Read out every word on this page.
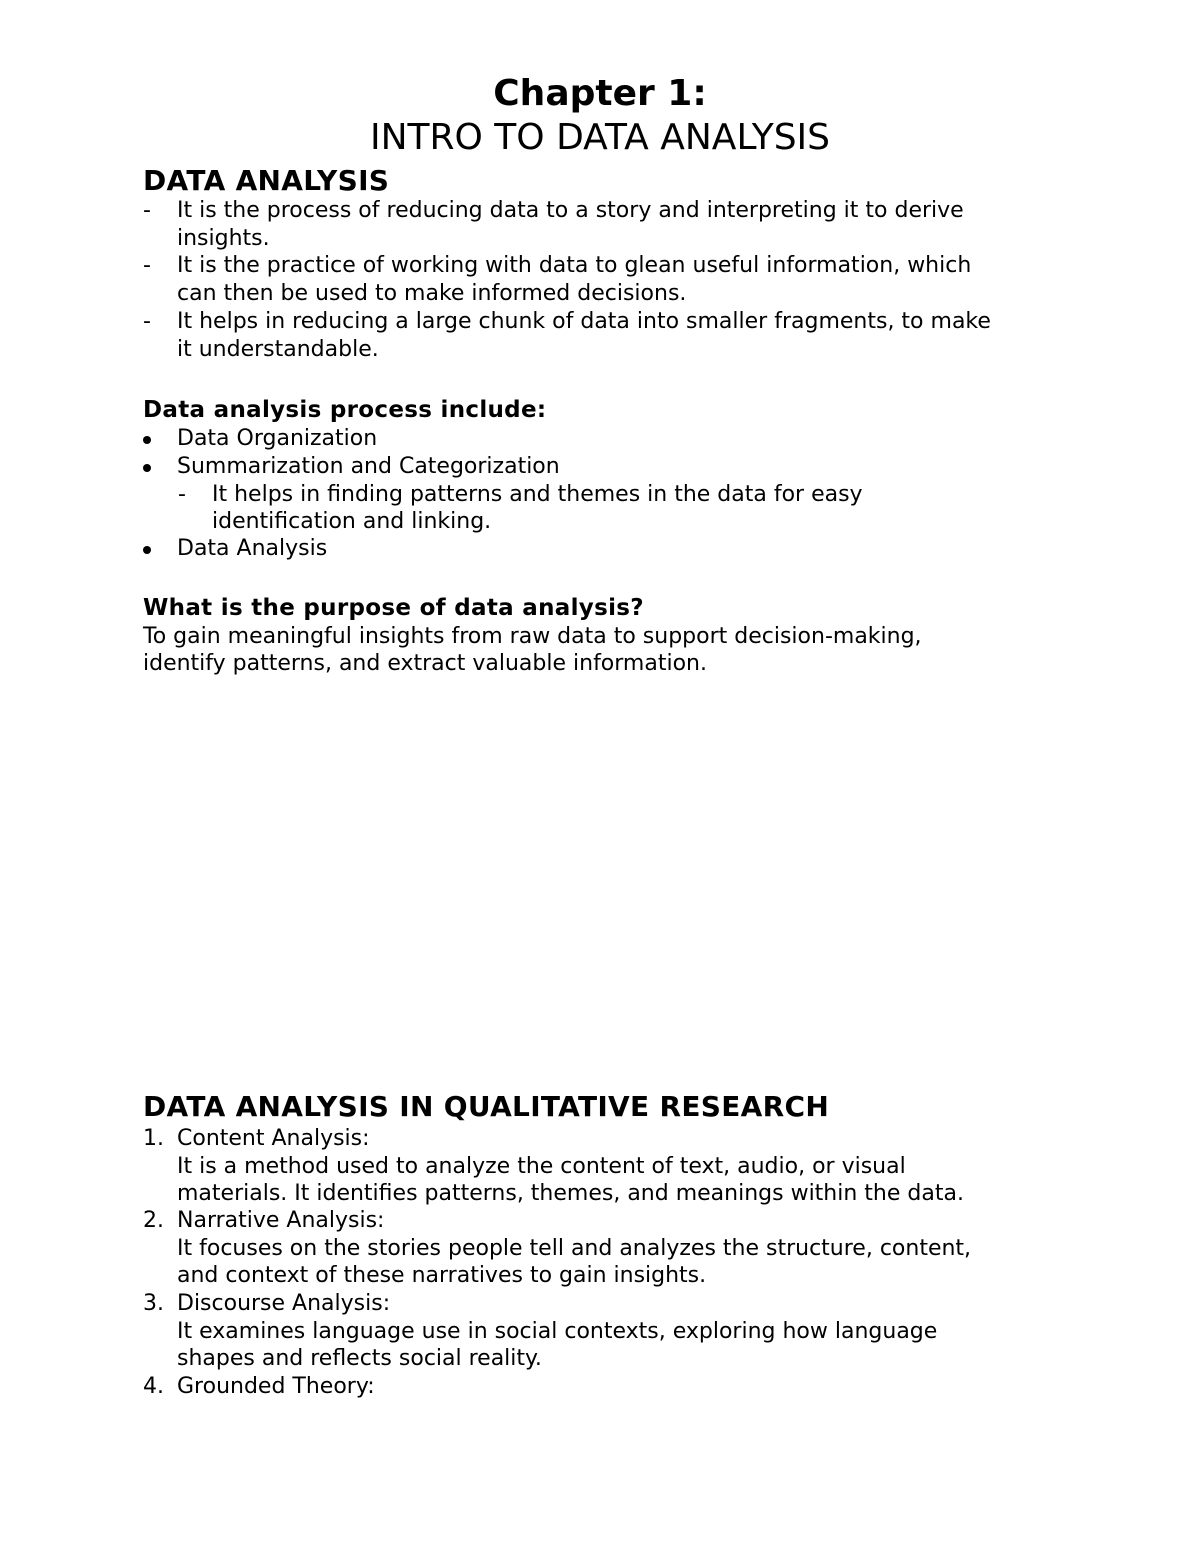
Chapter 1:
INTRO TO DATA ANALYSIS
DATA ANALYSIS
- It is the process of reducing data to a story and interpreting it to derive
insights.
- It is the practice of working with data to glean useful information, which
can then be used to make informed decisions.
- It helps in reducing a large chunk of data into smaller fragments, to make
it understandable.
Data analysis process include:
Data Organization
Summarization and Categorization
- It helps in finding patterns and themes in the data for easy
identification and linking.
Data Analysis
What is the purpose of data analysis?
To gain meaningful insights from raw data to support decision-making,
identify patterns, and extract valuable information.
DATA ANALYSIS IN QUALITATIVE RESEARCH
1. Content Analysis:
It is a method used to analyze the content of text, audio, or visual
materials. It identifies patterns, themes, and meanings within the data.
2. Narrative Analysis:
It focuses on the stories people tell and analyzes the structure, content,
and context of these narratives to gain insights.
3. Discourse Analysis:
It examines language use in social contexts, exploring how language
shapes and reflects social reality.
4. Grounded Theory:
